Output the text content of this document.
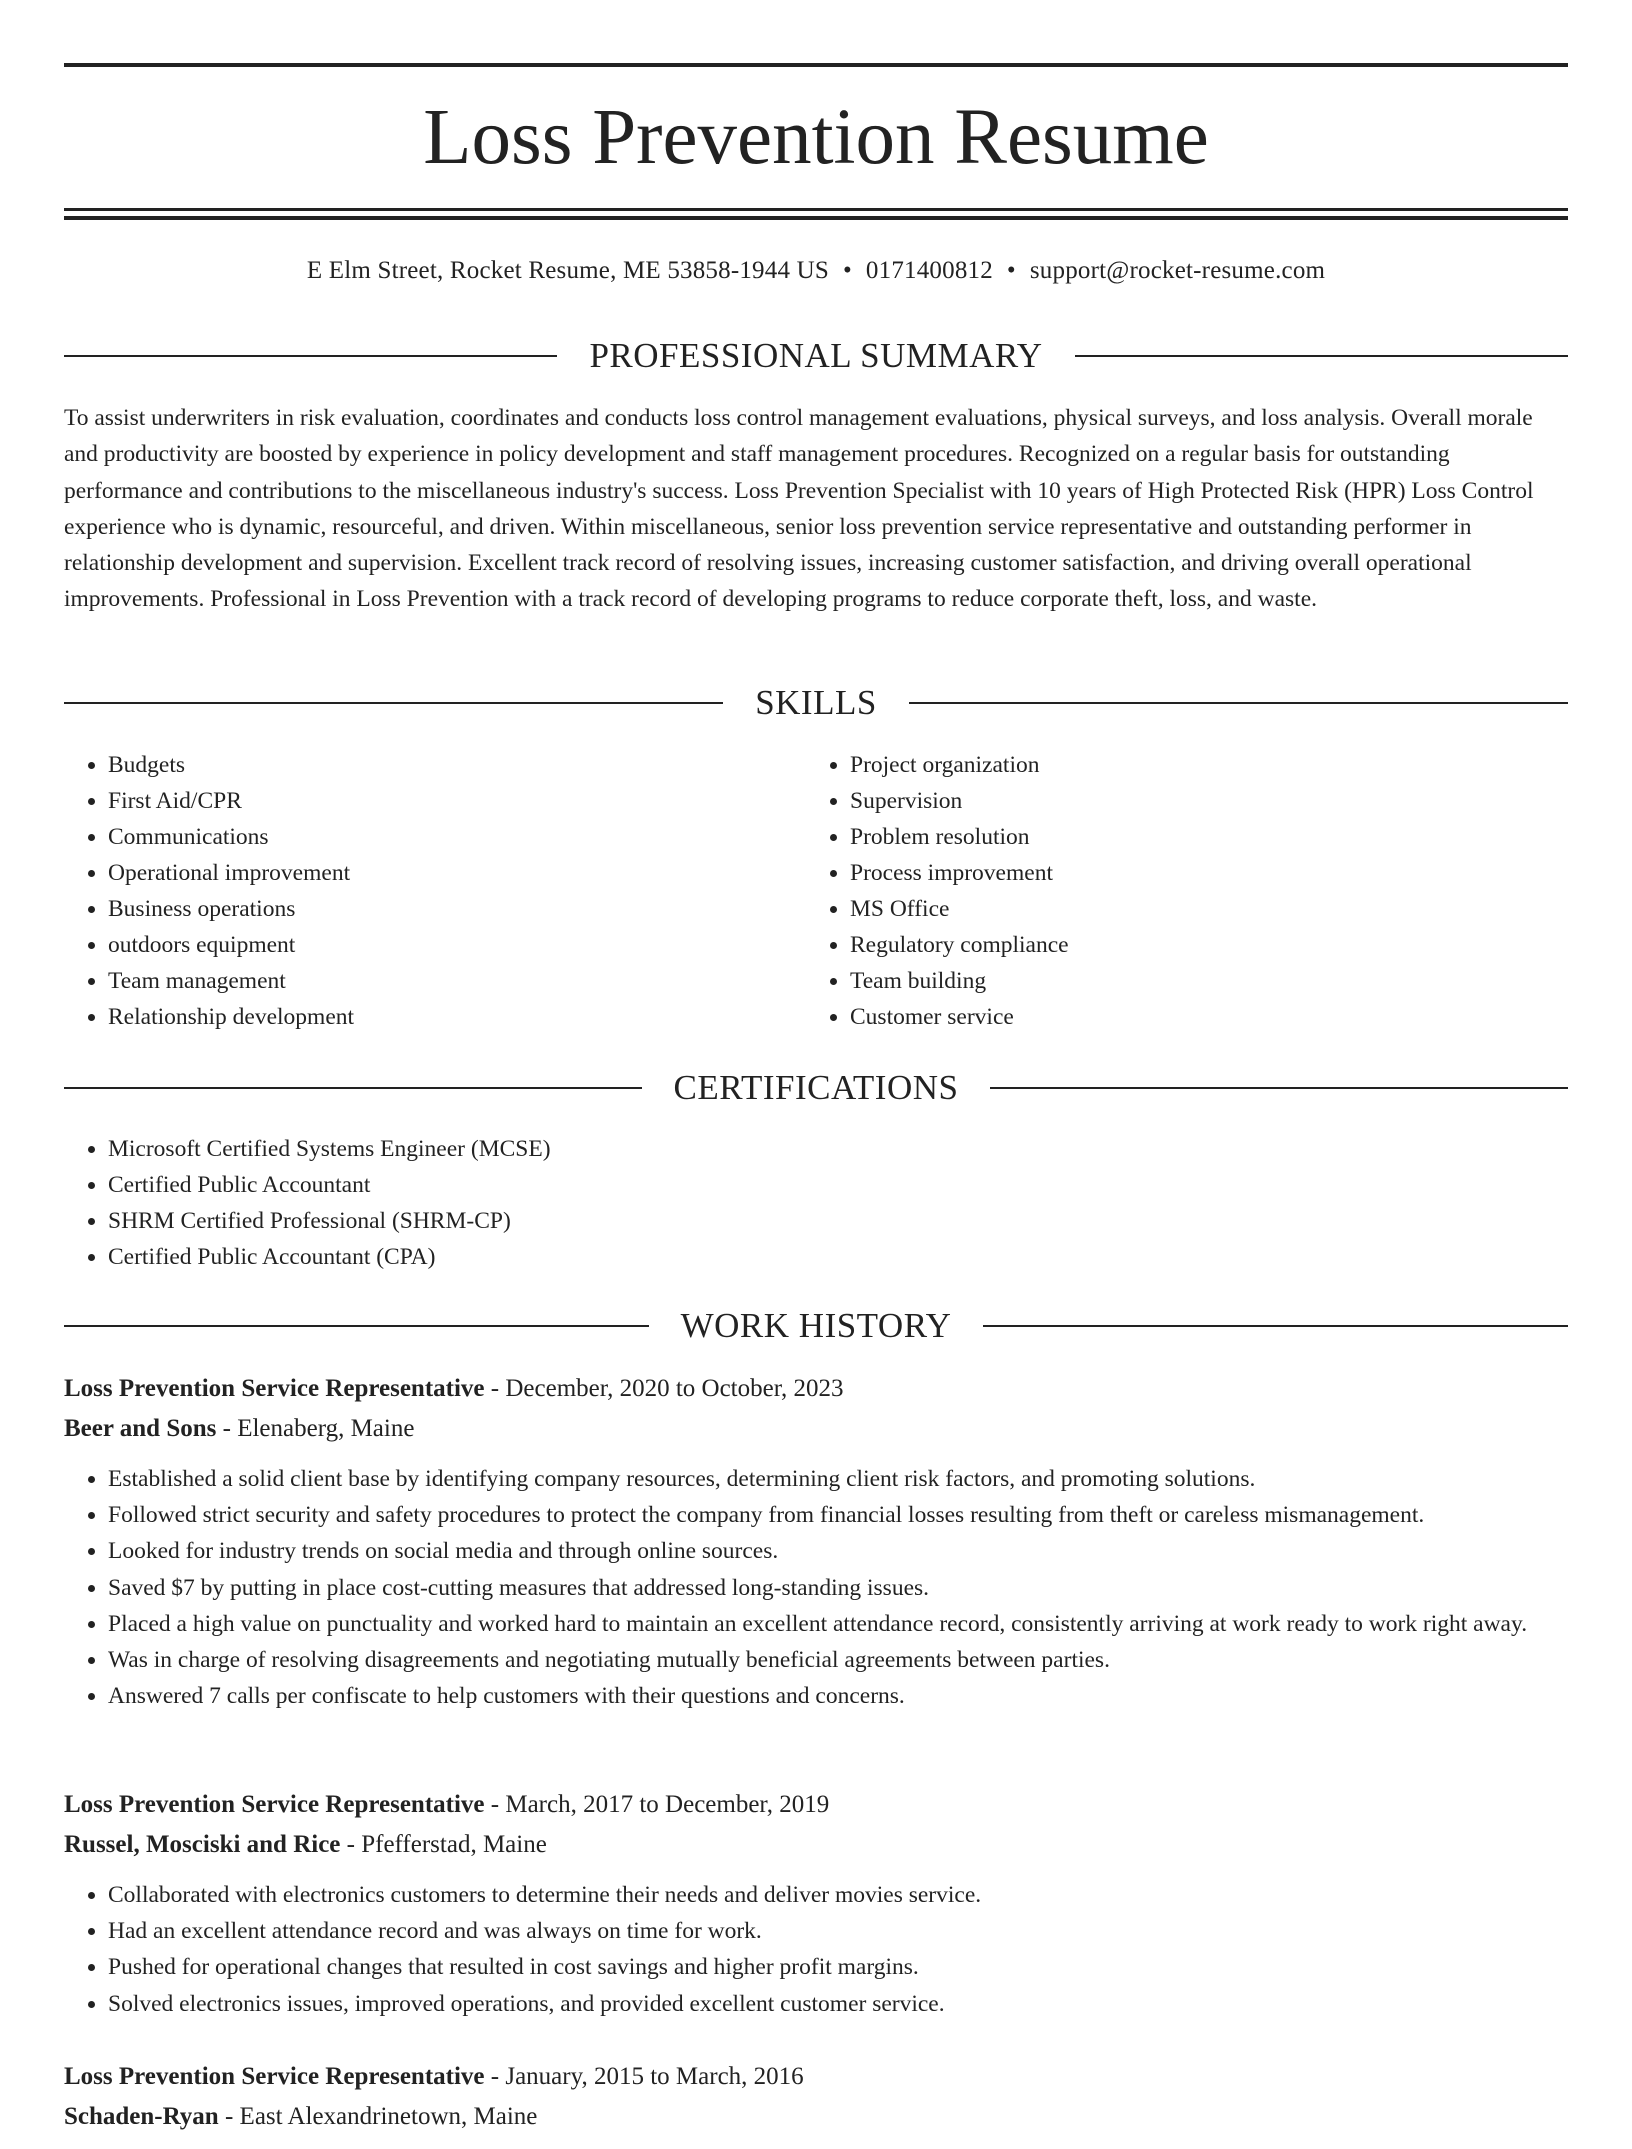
Loss Prevention Resume
E Elm Street, Rocket Resume, ME 53858-1944 US • 0171400812 • support@rocket-resume.com
PROFESSIONAL SUMMARY

To assist underwriters in risk evaluation, coordinates and conducts loss control management evaluations, physical surveys, and loss analysis. Overall morale and productivity are boosted by experience in policy development and staff management procedures. Recognized on a regular basis for outstanding performance and contributions to the miscellaneous industry's success. Loss Prevention Specialist with 10 years of High Protected Risk (HPR) Loss Control experience who is dynamic, resourceful, and driven. Within miscellaneous, senior loss prevention service representative and outstanding performer in relationship development and supervision. Excellent track record of resolving issues, increasing customer satisfaction, and driving overall operational improvements. Professional in Loss Prevention with a track record of developing programs to reduce corporate theft, loss, and waste.

SKILLS
• Budgets
• First Aid/CPR
• Communications
• Operational improvement
• Business operations
• outdoors equipment
• Team management
• Relationship development
• Project organization
• Supervision
• Problem resolution
• Process improvement
• MS Office
• Regulatory compliance
• Team building
• Customer service
CERTIFICATIONS
• Microsoft Certified Systems Engineer (MCSE)
• Certified Public Accountant
• SHRM Certified Professional (SHRM-CP)
• Certified Public Accountant (CPA)
WORK HISTORY
Loss Prevention Service Representative - December, 2020 to October, 2023
Beer and Sons - Elenaberg, Maine
• Established a solid client base by identifying company resources, determining client risk factors, and promoting solutions.
• Followed strict security and safety procedures to protect the company from financial losses resulting from theft or careless mismanagement.
• Looked for industry trends on social media and through online sources.
• Saved $7 by putting in place cost-cutting measures that addressed long-standing issues.
• Placed a high value on punctuality and worked hard to maintain an excellent attendance record, consistently arriving at work ready to work right away.
• Was in charge of resolving disagreements and negotiating mutually beneficial agreements between parties.
• Answered 7 calls per confiscate to help customers with their questions and concerns.
Loss Prevention Service Representative - March, 2017 to December, 2019
Russel, Mosciski and Rice - Pfefferstad, Maine
• Collaborated with electronics customers to determine their needs and deliver movies service.
• Had an excellent attendance record and was always on time for work.
• Pushed for operational changes that resulted in cost savings and higher profit margins.
• Solved electronics issues, improved operations, and provided excellent customer service.
Loss Prevention Service Representative - January, 2015 to March, 2016
Schaden-Ryan - East Alexandrinetown, Maine
